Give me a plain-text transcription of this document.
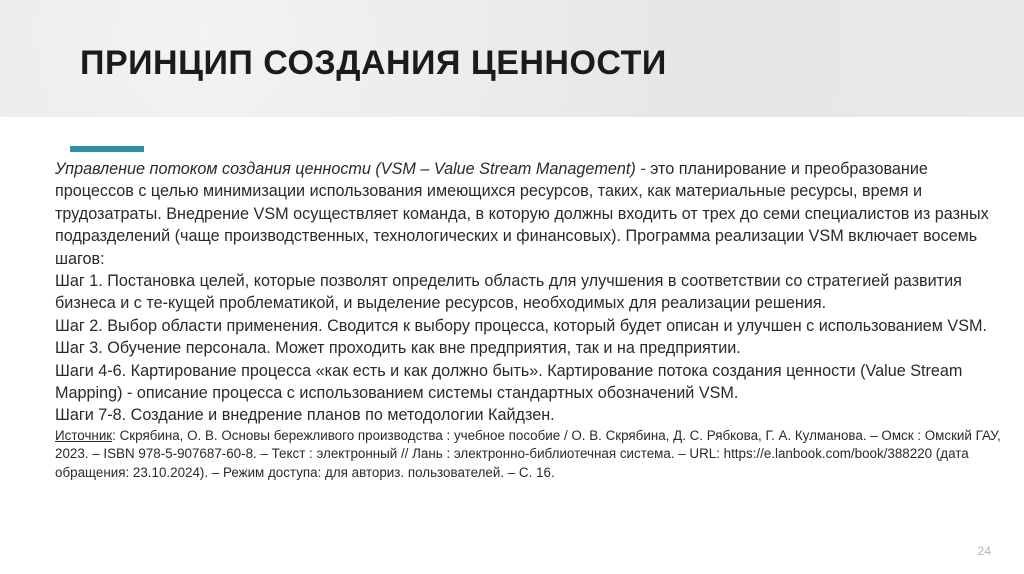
ПРИНЦИП СОЗДАНИЯ ЦЕННОСТИ

Управление потоком создания ценности (VSM – Value Stream Management) - это планирование и преобразование процессов с целью минимизации использования имеющихся ресурсов, таких, как материальные ресурсы, время и трудозатраты. Внедрение VSM осуществляет команда, в которую должны входить от трех до семи специалистов из разных подразделений (чаще производственных, технологических и финансовых). Программа реализации VSM включает восемь шагов:

Шаг 1. Постановка целей, которые позволят определить область для улучшения в соответствии со стратегией развития бизнеса и с те-кущей проблематикой, и выделение ресурсов, необходимых для реализации решения.

Шаг 2. Выбор области применения. Сводится к выбору процесса, который будет описан и улучшен с использованием VSM.

Шаг 3. Обучение персонала. Может проходить как вне предприятия, так и на предприятии.

Шаги 4-6. Картирование процесса «как есть и как должно быть». Картирование потока создания ценности (Value Stream Mapping) - описание процесса с использованием системы стандартных обозначений VSM.

Шаги 7-8. Создание и внедрение планов по методологии Кайдзен.

Источник: Скрябина, О. В. Основы бережливого производства : учебное пособие / О. В. Скрябина, Д. С. Рябкова, Г. А. Кулманова. – Омск : Омский ГАУ, 2023. – ISBN 978-5-907687-60-8. – Текст : электронный // Лань : электронно-библиотечная система. – URL: https://e.lanbook.com/book/388220 (дата обращения: 23.10.2024). – Режим доступа: для авториз. пользователей. – С. 16.

24
